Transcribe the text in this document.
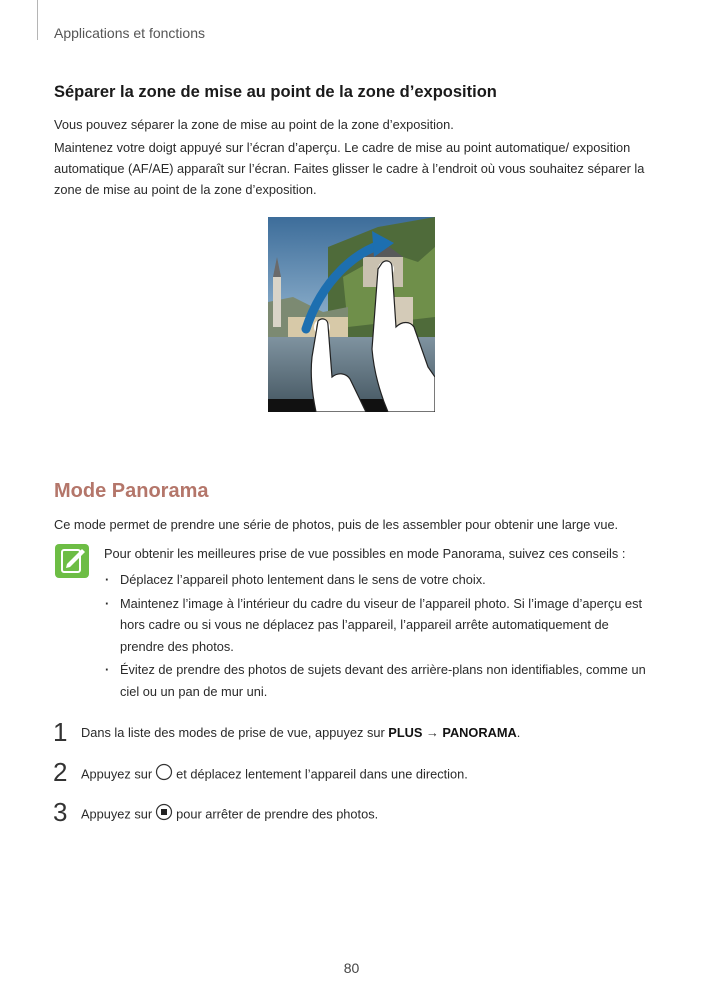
Applications et fonctions
Séparer la zone de mise au point de la zone d’exposition
Vous pouvez séparer la zone de mise au point de la zone d’exposition.
Maintenez votre doigt appuyé sur l’écran d’aperçu. Le cadre de mise au point automatique/ exposition automatique (AF/AE) apparaît sur l’écran. Faites glisser le cadre à l’endroit où vous souhaitez séparer la zone de mise au point de la zone d’exposition.
Mode Panorama
Ce mode permet de prendre une série de photos, puis de les assembler pour obtenir une large vue.
Pour obtenir les meilleures prise de vue possibles en mode Panorama, suivez ces conseils :
· Déplacez l’appareil photo lentement dans le sens de votre choix.
· Maintenez l’image à l’intérieur du cadre du viseur de l’appareil photo. Si l’image d’aperçu est hors cadre ou si vous ne déplacez pas l’appareil, l’appareil arrête automatiquement de prendre des photos.
· Évitez de prendre des photos de sujets devant des arrière-plans non identifiables, comme un ciel ou un pan de mur uni.
1 Dans la liste des modes de prise de vue, appuyez sur PLUS → PANORAMA.
2 Appuyez sur et déplacez lentement l’appareil dans une direction.
3 Appuyez sur pour arrêter de prendre des photos.
80
